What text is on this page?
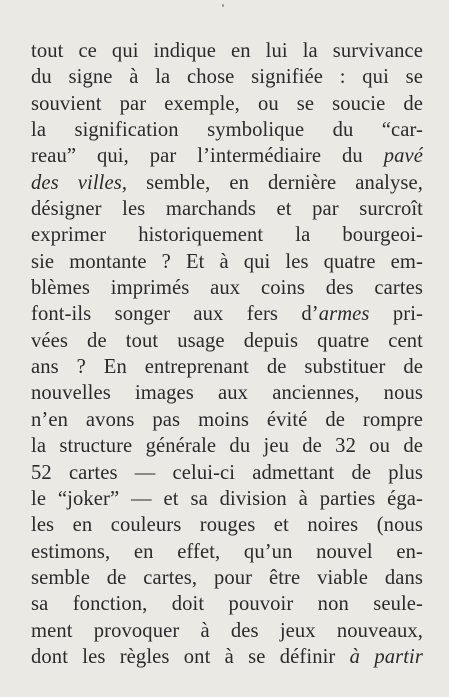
tout ce qui indique en lui la survivance
du signe à la chose signifiée : qui se
souvient par exemple, ou se soucie de
la signification symbolique du “car-
reau” qui, par l’intermédiaire du pavé
des villes, semble, en dernière analyse,
désigner les marchands et par surcroît
exprimer historiquement la bourgeoi-
sie montante ? Et à qui les quatre em-
blèmes imprimés aux coins des cartes
font-ils songer aux fers d’armes pri-
vées de tout usage depuis quatre cent
ans ? En entreprenant de substituer de
nouvelles images aux anciennes, nous
n’en avons pas moins évité de rompre
la structure générale du jeu de 32 ou de
52 cartes — celui-ci admettant de plus
le “joker” — et sa division à parties éga-
les en couleurs rouges et noires (nous
estimons, en effet, qu’un nouvel en-
semble de cartes, pour être viable dans
sa fonction, doit pouvoir non seule-
ment provoquer à des jeux nouveaux,
dont les règles ont à se définir à partir
